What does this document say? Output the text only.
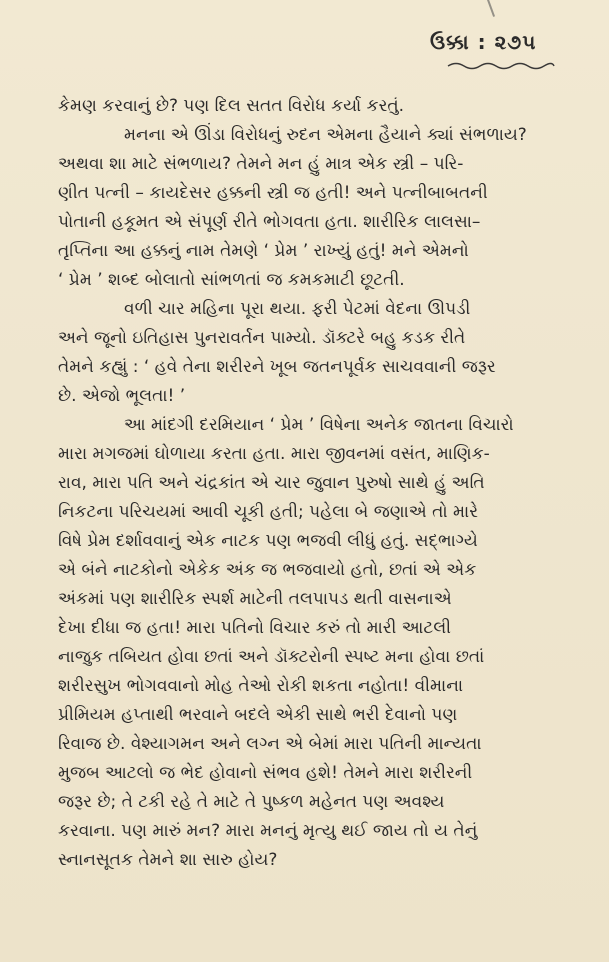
ઉક્કા : ૨૭૫
કેમણ કરવાનું છે? પણ દિલ સતત વિરોધ કર્યા કરતું.
મનના એ ઊંડા વિરોધનું રુદન એમના હૈયાને ક્યાં સંભળાય?
અથવા શા માટે સંભળાય? તેમને મન હું માત્ર એક સ્ત્રી – પરિ-
ણીત પત્ની – કાયદેસર હક્કની સ્ત્રી જ હતી! અને પત્નીબાબતની
પોતાની હકૂમત એ સંપૂર્ણ રીતે ભોગવતા હતા. શારીરિક લાલસા–
તૃપ્તિના આ હક્કનું નામ તેમણે ‘ પ્રેમ ’ રાખ્યું હતું! મને એમનો
‘ પ્રેમ ’ શબ્દ બોલાતો સાંભળતાં જ કમકમાટી છૂટતી.
વળી ચાર મહિના પૂરા થયા. ફરી પેટમાં વેદના ઊપડી
અને જૂનો ઇતિહાસ પુનરાવર્તન પામ્યો. ડૉક્ટરે બહુ કડક રીતે
તેમને કહ્યું : ‘ હવે તેના શરીરને ખૂબ જતનપૂર્વક સાચવવાની જરૂર
છે. એજો ભૂલતા! ’
આ માંદગી દરમિયાન ‘ પ્રેમ ’ વિષેના અનેક જાતના વિચારો
મારા મગજમાં ઘોળાયા કરતા હતા. મારા જીવનમાં વસંત, માણિક-
રાવ, મારા પતિ અને ચંદ્રકાંત એ ચાર જુવાન પુરુષો સાથે હું અતિ
નિકટના પરિચયમાં આવી ચૂકી હતી; પહેલા બે જણાએ તો મારે
વિષે પ્રેમ દર્શાવવાનું એક નાટક પણ ભજવી લીધું હતું. સદ્ભાગ્યે
એ બંને નાટકોનો એકેક અંક જ ભજવાયો હતો, છતાં એ એક
અંકમાં પણ શારીરિક સ્પર્શ માટેની તલપાપડ થતી વાસનાએ
દેખા દીધા જ હતા! મારા પતિનો વિચાર કરું તો મારી આટલી
નાજુક તબિયત હોવા છતાં અને ડૉક્ટરોની સ્પષ્ટ મના હોવા છતાં
શરીરસુખ ભોગવવાનો મોહ તેઓ રોકી શકતા નહોતા! વીમાના
પ્રીમિયમ હપ્તાથી ભરવાને બદલે એકી સાથે ભરી દેવાનો પણ
રિવાજ છે. વેશ્યાગમન અને લગ્ન એ બેમાં મારા પતિની માન્યતા
મુજબ આટલો જ ભેદ હોવાનો સંભવ હશે! તેમને મારા શરીરની
જરૂર છે; તે ટકી રહે તે માટે તે પુષ્કળ મહેનત પણ અવશ્ય
કરવાના. પણ મારું મન? મારા મનનું મૃત્યુ થઈ જાય તો ય તેનું
સ્નાનસૂતક તેમને શા સારુ હોય?
